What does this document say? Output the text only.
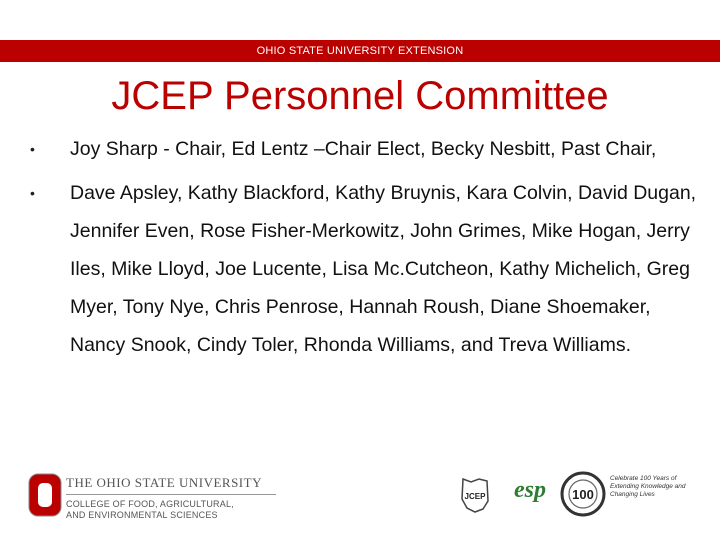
OHIO STATE UNIVERSITY EXTENSION
JCEP Personnel Committee
•	Joy Sharp - Chair, Ed Lentz –Chair Elect, Becky Nesbitt, Past Chair,
•	Dave Apsley, Kathy Blackford, Kathy Bruynis, Kara Colvin, David Dugan, Jennifer Even, Rose Fisher-Merkowitz, John Grimes, Mike Hogan, Jerry Iles, Mike Lloyd, Joe Lucente, Lisa Mc.Cutcheon, Kathy Michelich, Greg Myer, Tony Nye, Chris Penrose, Hannah Roush, Diane Shoemaker, Nancy Snook, Cindy Toler, Rhonda Williams, and Treva Williams.
THE OHIO STATE UNIVERSITY
COLLEGE OF FOOD, AGRICULTURAL,
AND ENVIRONMENTAL SCIENCES
JCEP esp 100
Celebrate 100 Years of Extending Knowledge and Changing Lives
